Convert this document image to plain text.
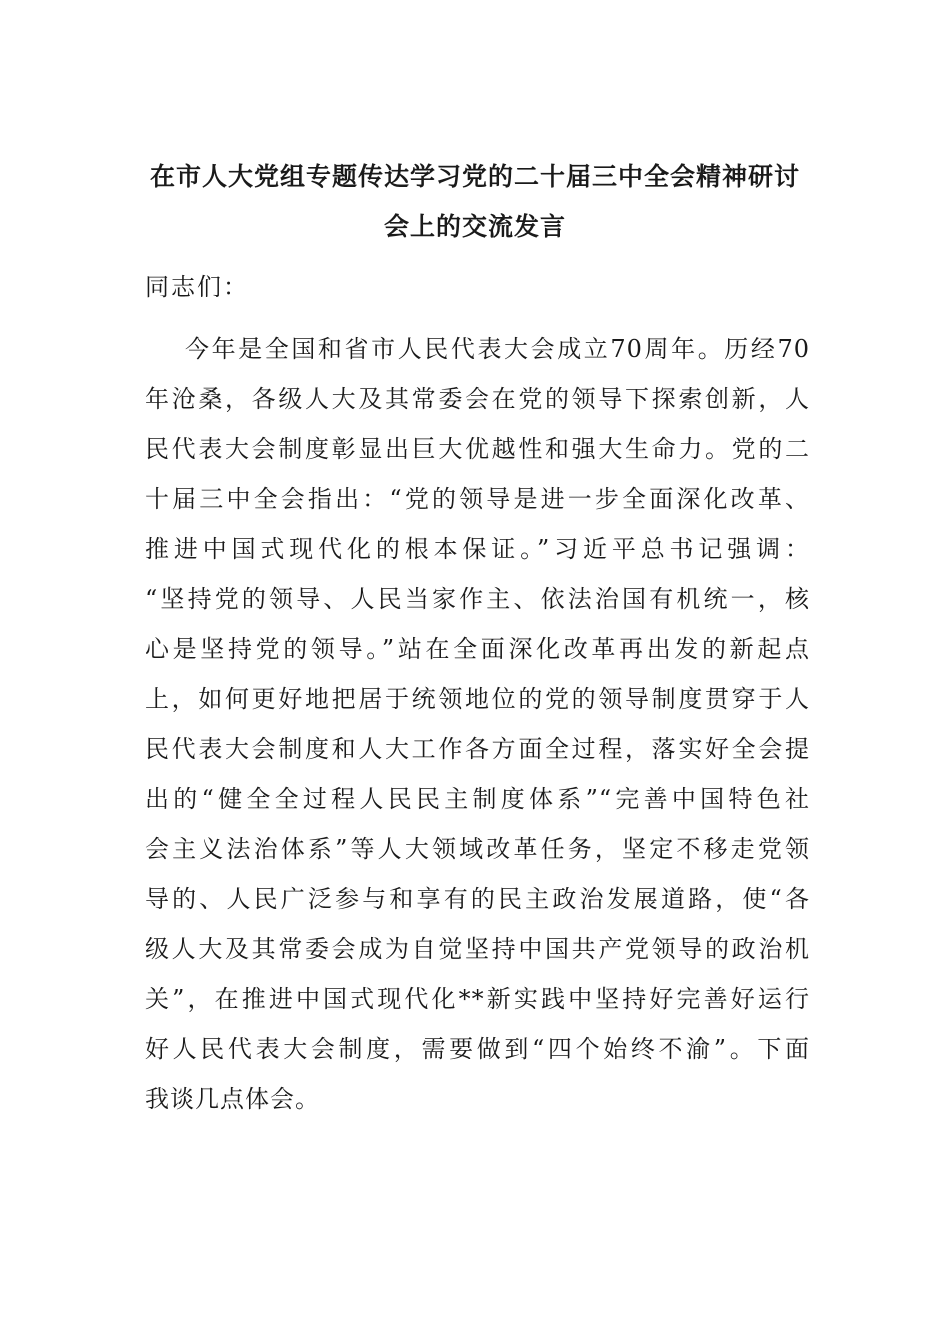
在市人大党组专题传达学习党的二十届三中全会精神研讨
会上的交流发言

同志们：

今年是全国和省市人民代表大会成立70周年。历经70
年沧桑，各级人大及其常委会在党的领导下探索创新，人
民代表大会制度彰显出巨大优越性和强大生命力。党的二
十届三中全会指出：“党的领导是进一步全面深化改革、
推进中国式现代化的根本保证。”习近平总书记强调：
“坚持党的领导、人民当家作主、依法治国有机统一，核
心是坚持党的领导。”站在全面深化改革再出发的新起点
上，如何更好地把居于统领地位的党的领导制度贯穿于人
民代表大会制度和人大工作各方面全过程，落实好全会提
出的“健全全过程人民民主制度体系”“完善中国特色社
会主义法治体系”等人大领域改革任务，坚定不移走党领
导的、人民广泛参与和享有的民主政治发展道路，使“各
级人大及其常委会成为自觉坚持中国共产党领导的政治机
关”，在推进中国式现代化**新实践中坚持好完善好运行
好人民代表大会制度，需要做到“四个始终不渝”。下面
我谈几点体会。
